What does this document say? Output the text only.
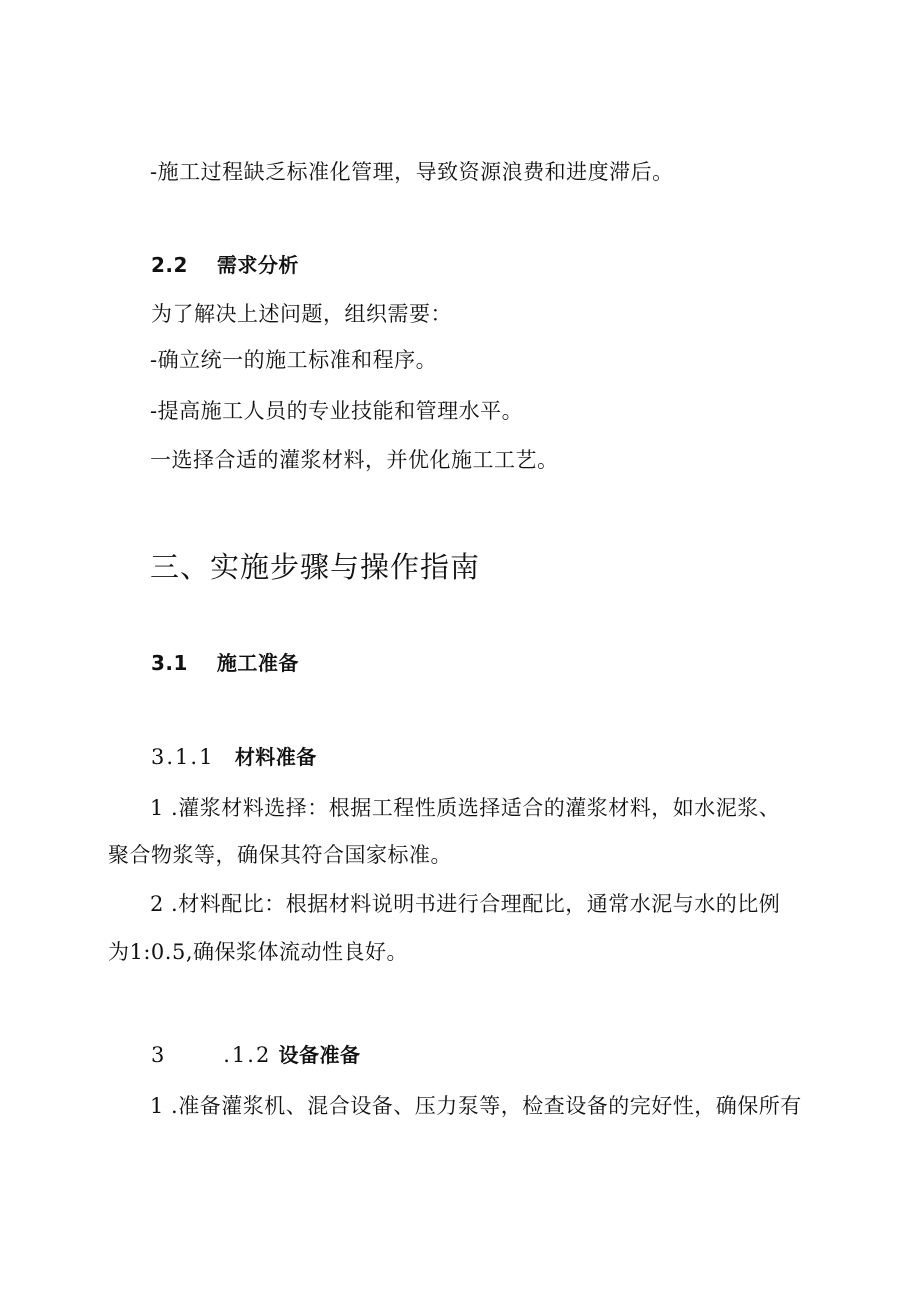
-施工过程缺乏标准化管理，导致资源浪费和进度滞后。
2.2 需求分析
为了解决上述问题，组织需要：
-确立统一的施工标准和程序。
-提高施工人员的专业技能和管理水平。
一选择合适的灌浆材料，并优化施工工艺。
三、实施步骤与操作指南
3.1 施工准备
3.1.1 材料准备
1 .灌浆材料选择：根据工程性质选择适合的灌浆材料，如水泥浆、
聚合物浆等，确保其符合国家标准。
2 .材料配比：根据材料说明书进行合理配比，通常水泥与水的比例
为1:0.5,确保浆体流动性良好。
3	.1.2 设备准备
1 .准备灌浆机、混合设备、压力泵等，检查设备的完好性，确保所有
